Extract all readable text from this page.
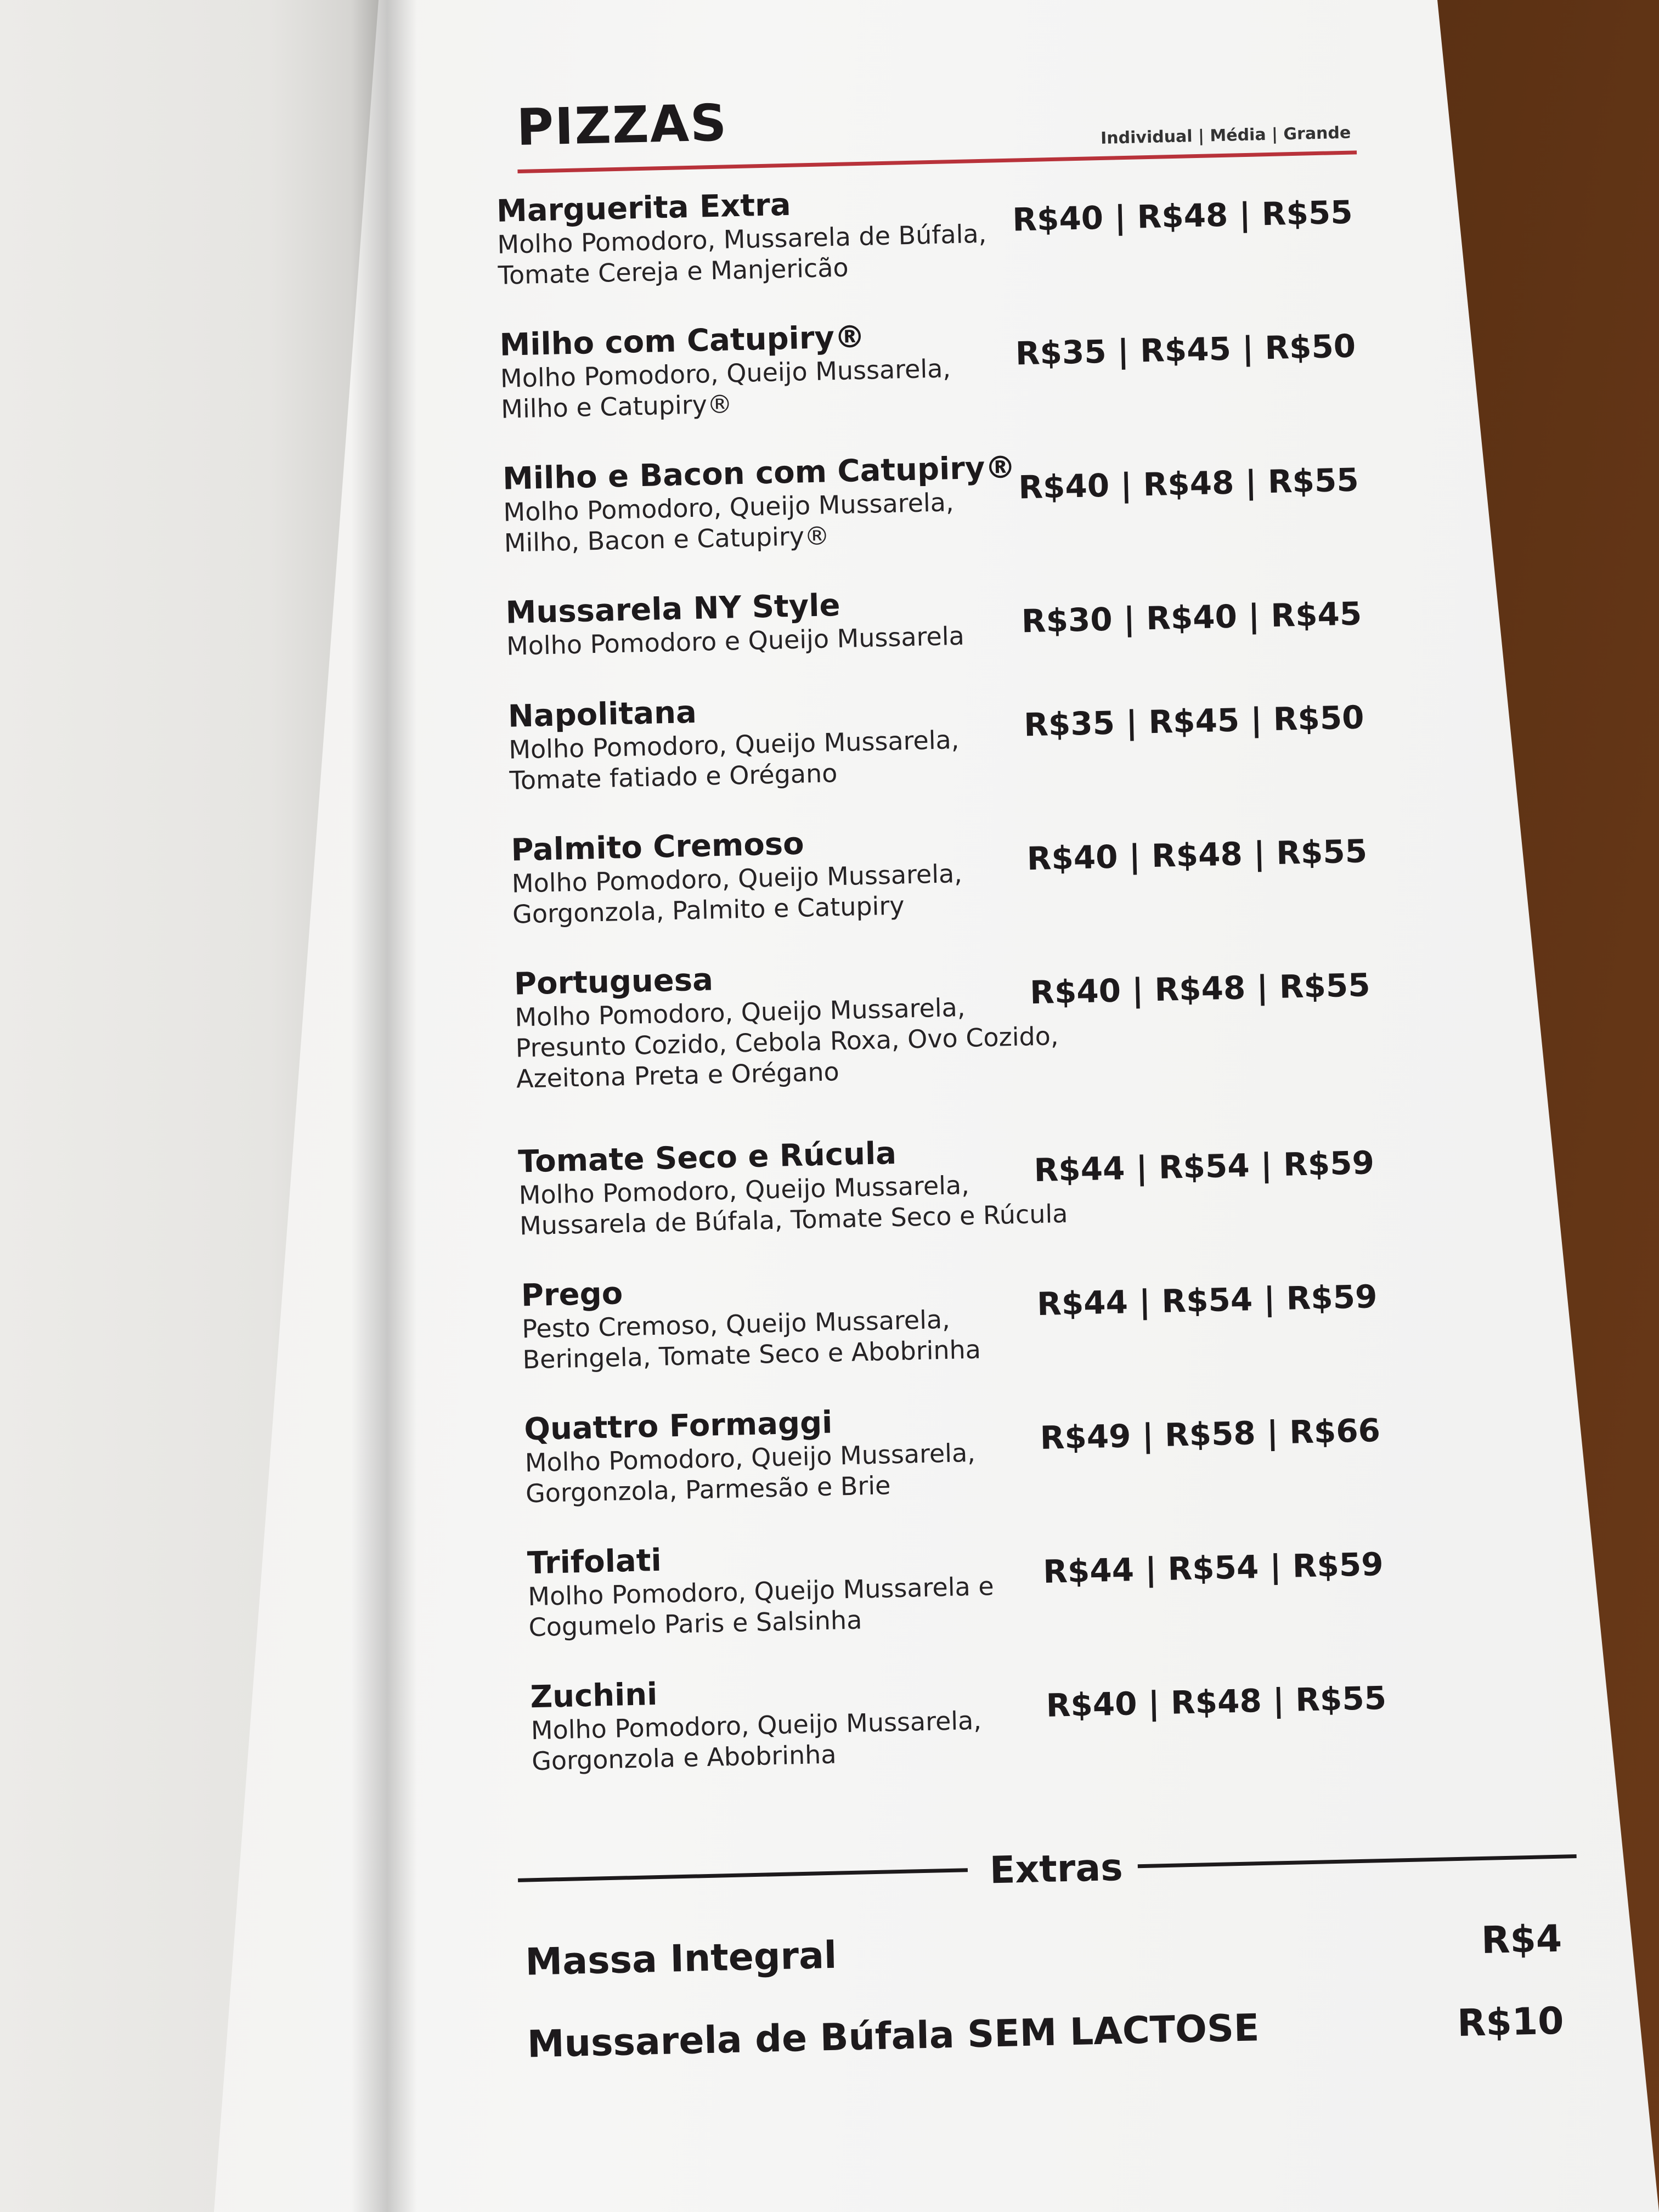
PIZZAS	Individual | Média | Grande
Marguerita Extra
Molho Pomodoro, Mussarela de Búfala,
Tomate Cereja e Manjericão
R$40 | R$48 | R$55
Milho com Catupiry®
Molho Pomodoro, Queijo Mussarela,
Milho e Catupiry®
R$35 | R$45 | R$50
Milho e Bacon com Catupiry®
Molho Pomodoro, Queijo Mussarela,
Milho, Bacon e Catupiry®
R$40 | R$48 | R$55
Mussarela NY Style
Molho Pomodoro e Queijo Mussarela
R$30 | R$40 | R$45
Napolitana
Molho Pomodoro, Queijo Mussarela,
Tomate fatiado e Orégano
R$35 | R$45 | R$50
Palmito Cremoso
Molho Pomodoro, Queijo Mussarela,
Gorgonzola, Palmito e Catupiry
R$40 | R$48 | R$55
Portuguesa
Molho Pomodoro, Queijo Mussarela,
Presunto Cozido, Cebola Roxa, Ovo Cozido,
Azeitona Preta e Orégano
R$40 | R$48 | R$55
Tomate Seco e Rúcula
Molho Pomodoro, Queijo Mussarela,
Mussarela de Búfala, Tomate Seco e Rúcula
R$44 | R$54 | R$59
Prego
Pesto Cremoso, Queijo Mussarela,
Beringela, Tomate Seco e Abobrinha
R$44 | R$54 | R$59
Quattro Formaggi
Molho Pomodoro, Queijo Mussarela,
Gorgonzola, Parmesão e Brie
R$49 | R$58 | R$66
Trifolati
Molho Pomodoro, Queijo Mussarela e
Cogumelo Paris e Salsinha
R$44 | R$54 | R$59
Zuchini
Molho Pomodoro, Queijo Mussarela,
Gorgonzola e Abobrinha
R$40 | R$48 | R$55
Extras
Massa Integral	R$4
Mussarela de Búfala SEM LACTOSE	R$10
